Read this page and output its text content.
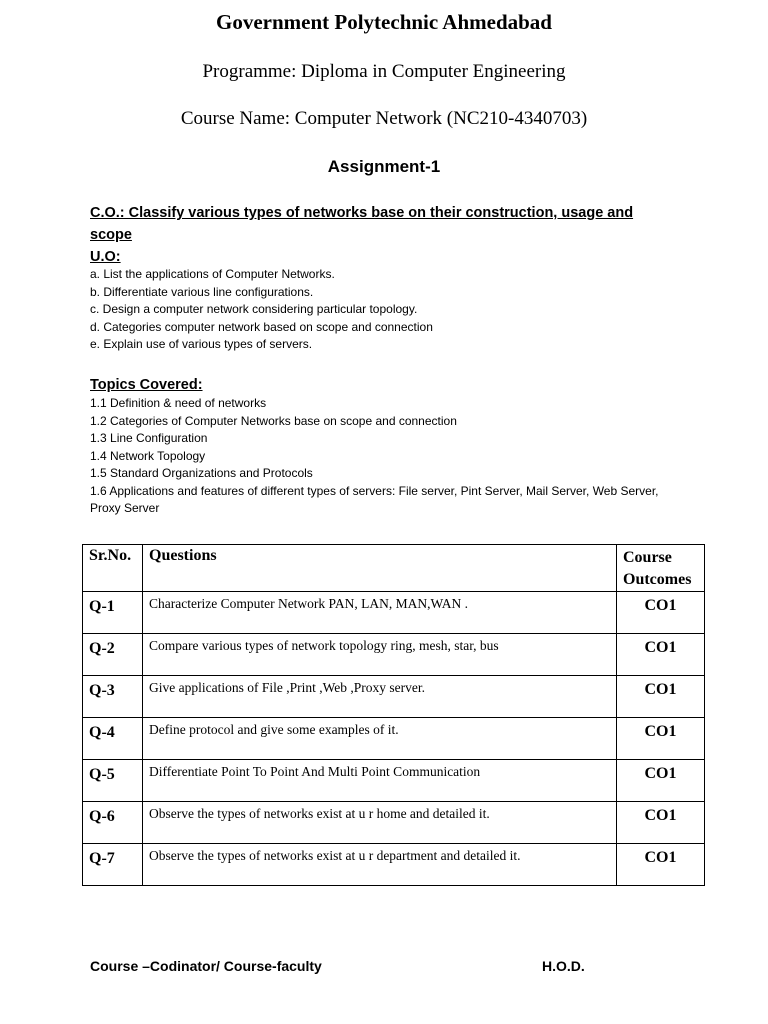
Government Polytechnic Ahmedabad
Programme: Diploma in Computer Engineering
Course Name: Computer Network (NC210-4340703)
Assignment-1
C.O.: Classify various types of networks base on their construction, usage and scope
U.O:
a. List the applications of Computer Networks.
b. Differentiate various line configurations.
c. Design a computer network considering particular topology.
d. Categories computer network based on scope and connection
e. Explain use of various types of servers.
Topics Covered:
1.1 Definition & need of networks
1.2 Categories of Computer Networks base on scope and connection
1.3 Line Configuration
1.4 Network Topology
1.5 Standard Organizations and Protocols
1.6 Applications and features of different types of servers: File server, Pint Server, Mail Server, Web Server, Proxy Server
Sr.No.	Questions	Course Outcomes
Q-1	Characterize Computer Network PAN, LAN, MAN,WAN .	CO1
Q-2	Compare various types of network topology ring, mesh, star, bus	CO1
Q-3	Give applications of File ,Print ,Web ,Proxy server.	CO1
Q-4	Define protocol and give some examples of it.	CO1
Q-5	Differentiate Point To Point And Multi Point Communication	CO1
Q-6	Observe the types of networks exist at u r home and detailed it.	CO1
Q-7	Observe the types of networks exist at u r department and detailed it.	CO1
Course –Codinator/ Course-faculty	H.O.D.
